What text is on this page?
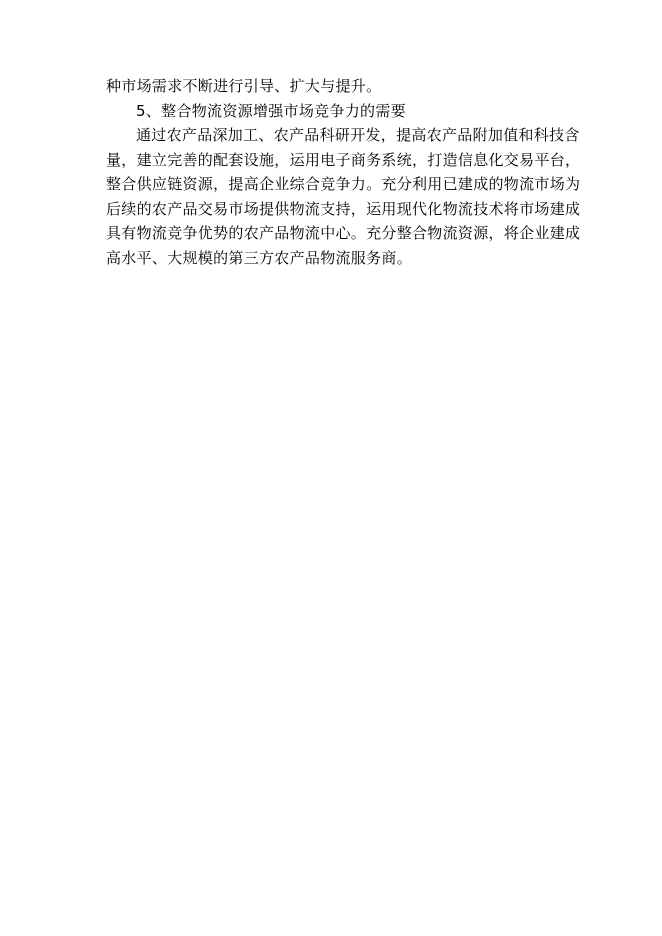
种市场需求不断进行引导、扩大与提升。
5、整合物流资源增强市场竞争力的需要
通过农产品深加工、农产品科研开发，提高农产品附加值和科技含
量，建立完善的配套设施，运用电子商务系统，打造信息化交易平台，
整合供应链资源，提高企业综合竞争力。充分利用已建成的物流市场为
后续的农产品交易市场提供物流支持，运用现代化物流技术将市场建成
具有物流竞争优势的农产品物流中心。充分整合物流资源，将企业建成
高水平、大规模的第三方农产品物流服务商。
